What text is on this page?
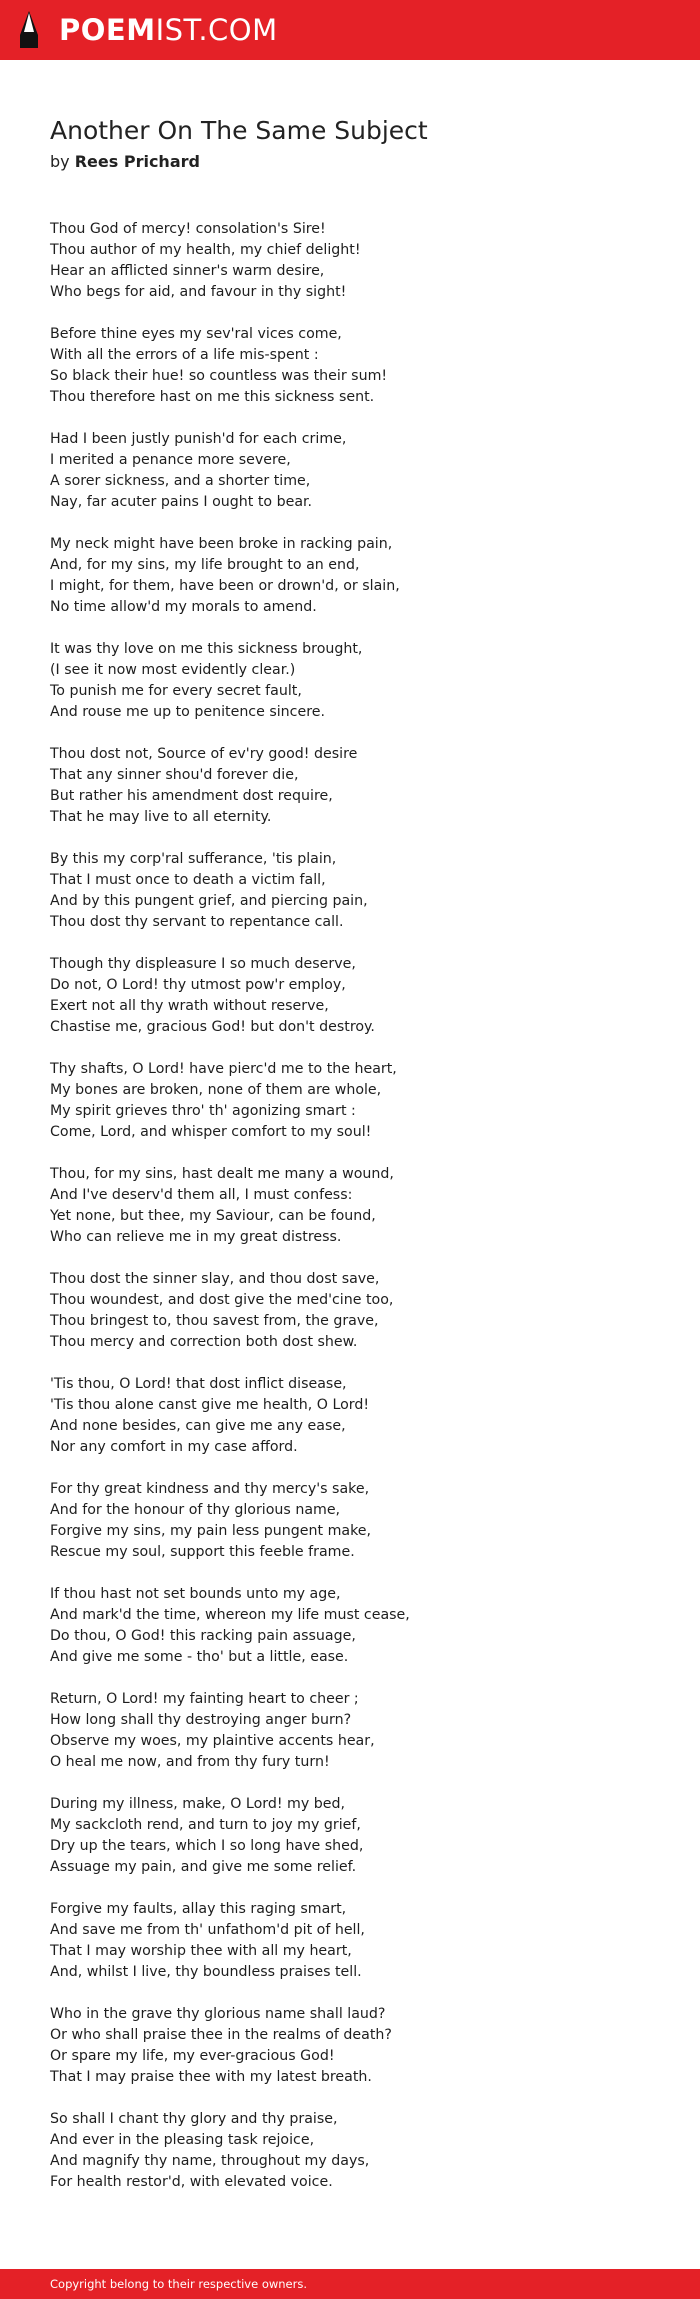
POEMIST.COM
Another On The Same Subject
by Rees Prichard
Thou God of mercy! consolation's Sire!
Thou author of my health, my chief delight!
Hear an afflicted sinner's warm desire,
Who begs for aid, and favour in thy sight!
Before thine eyes my sev'ral vices come,
With all the errors of a life mis-spent :
So black their hue! so countless was their sum!
Thou therefore hast on me this sickness sent.
Had I been justly punish'd for each crime,
I merited a penance more severe,
A sorer sickness, and a shorter time,
Nay, far acuter pains I ought to bear.
My neck might have been broke in racking pain,
And, for my sins, my life brought to an end,
I might, for them, have been or drown'd, or slain,
No time allow'd my morals to amend.
It was thy love on me this sickness brought,
(I see it now most evidently clear.)
To punish me for every secret fault,
And rouse me up to penitence sincere.
Thou dost not, Source of ev'ry good! desire
That any sinner shou'd forever die,
But rather his amendment dost require,
That he may live to all eternity.
By this my corp'ral sufferance, 'tis plain,
That I must once to death a victim fall,
And by this pungent grief, and piercing pain,
Thou dost thy servant to repentance call.
Though thy displeasure I so much deserve,
Do not, O Lord! thy utmost pow'r employ,
Exert not all thy wrath without reserve,
Chastise me, gracious God! but don't destroy.
Thy shafts, O Lord! have pierc'd me to the heart,
My bones are broken, none of them are whole,
My spirit grieves thro' th' agonizing smart :
Come, Lord, and whisper comfort to my soul!
Thou, for my sins, hast dealt me many a wound,
And I've deserv'd them all, I must confess:
Yet none, but thee, my Saviour, can be found,
Who can relieve me in my great distress.
Thou dost the sinner slay, and thou dost save,
Thou woundest, and dost give the med'cine too,
Thou bringest to, thou savest from, the grave,
Thou mercy and correction both dost shew.
'Tis thou, O Lord! that dost inflict disease,
'Tis thou alone canst give me health, O Lord!
And none besides, can give me any ease,
Nor any comfort in my case afford.
For thy great kindness and thy mercy's sake,
And for the honour of thy glorious name,
Forgive my sins, my pain less pungent make,
Rescue my soul, support this feeble frame.
If thou hast not set bounds unto my age,
And mark'd the time, whereon my life must cease,
Do thou, O God! this racking pain assuage,
And give me some - tho' but a little, ease.
Return, O Lord! my fainting heart to cheer ;
How long shall thy destroying anger burn?
Observe my woes, my plaintive accents hear,
O heal me now, and from thy fury turn!
During my illness, make, O Lord! my bed,
My sackcloth rend, and turn to joy my grief,
Dry up the tears, which I so long have shed,
Assuage my pain, and give me some relief.
Forgive my faults, allay this raging smart,
And save me from th' unfathom'd pit of hell,
That I may worship thee with all my heart,
And, whilst I live, thy boundless praises tell.
Who in the grave thy glorious name shall laud?
Or who shall praise thee in the realms of death?
Or spare my life, my ever-gracious God!
That I may praise thee with my latest breath.
So shall I chant thy glory and thy praise,
And ever in the pleasing task rejoice,
And magnify thy name, throughout my days,
For health restor'd, with elevated voice.
Copyright belong to their respective owners.
